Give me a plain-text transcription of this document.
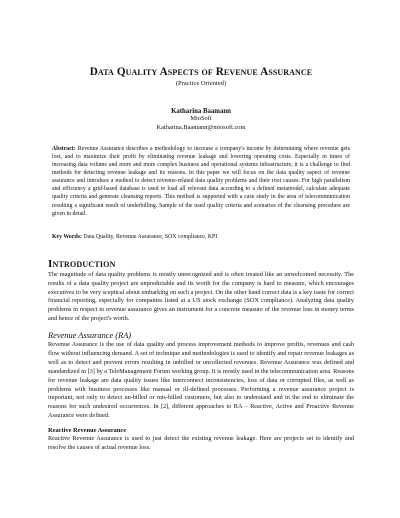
Data Quality Aspects of Revenue Assurance
(Practice Oriented)
Katharina Baamann
MioSoft
Katharina.Baamann@miosoft.com
Abstract: Revenue Assurance describes a methodology to increase a company's income by determining where revenue gets lost, and to maximize their profit by eliminating revenue leakage and lowering operating costs. Especially in times of increasing data volume and more and more complex business and operational systems infrastructure, it is a challenge to find methods for detecting revenue leakage and its reasons. In this paper we will focus on the data quality aspect of revenue assurance and introduce a method to detect revenue-related data quality problems and their root causes. For high parallelism and efficiency a grid-based database is used to load all relevant data according to a defined metamodel, calculate adequate quality criteria and generate cleansing reports. This method is supported with a case study in the area of telecommunication resulting a significant result of underbilling. Sample of the used quality criteria and scenarios of the cleansing procedure are given in detail.
Key Words: Data Quality, Revenue Assurance, SOX compliance, KPI
Introduction

The magnitude of data quality problems is mostly unrecognized and is often treated like an unwelcomed necessity. The results of a data quality project are unpredictable and its worth for the company is hard to measure, which encourages executives to be very sceptical about embarking on such a project. On the other hand correct data is a key issue for correct financial reporting, especially for companies listed at a US stock exchange (SOX compliance). Analyzing data quality problems in respect to revenue assurance gives an instrument for a concrete measure of the revenue loss in money terms and hence of the project's worth.

Revenue Assurance (RA)

Revenue Assurance is the use of data quality and process improvement methods to improve profits, revenues and cash flow without influencing demand. A set of technique and methodologies is used to identify and repair revenue leakages as well as to detect and prevent errors resulting in unbilled or uncollected revenues. Revenue Assurance was defined and standardized in [3] by a TeleManagement Forum working group. It is mostly used in the telecommunication area. Reasons for revenue leakage are data quality issues like interconnect inconsistencies, loss of data or corrupted files, as well as problems with business processes like manual or ill-defined processes. Performing a revenue assurance project is important, not only to detect un-billed or mis-billed customers, but also to understand and in the end to eliminate the reasons for such undesired occurrences. In [2], different approaches to RA – Reactive, Active and Proactive Revenue Assurance were defined.

Reactive Revenue Assurance

Reactive Revenue Assurance is used to just detect the existing revenue leakage. Here are projects set to identify and resolve the causes of actual revenue loss.
